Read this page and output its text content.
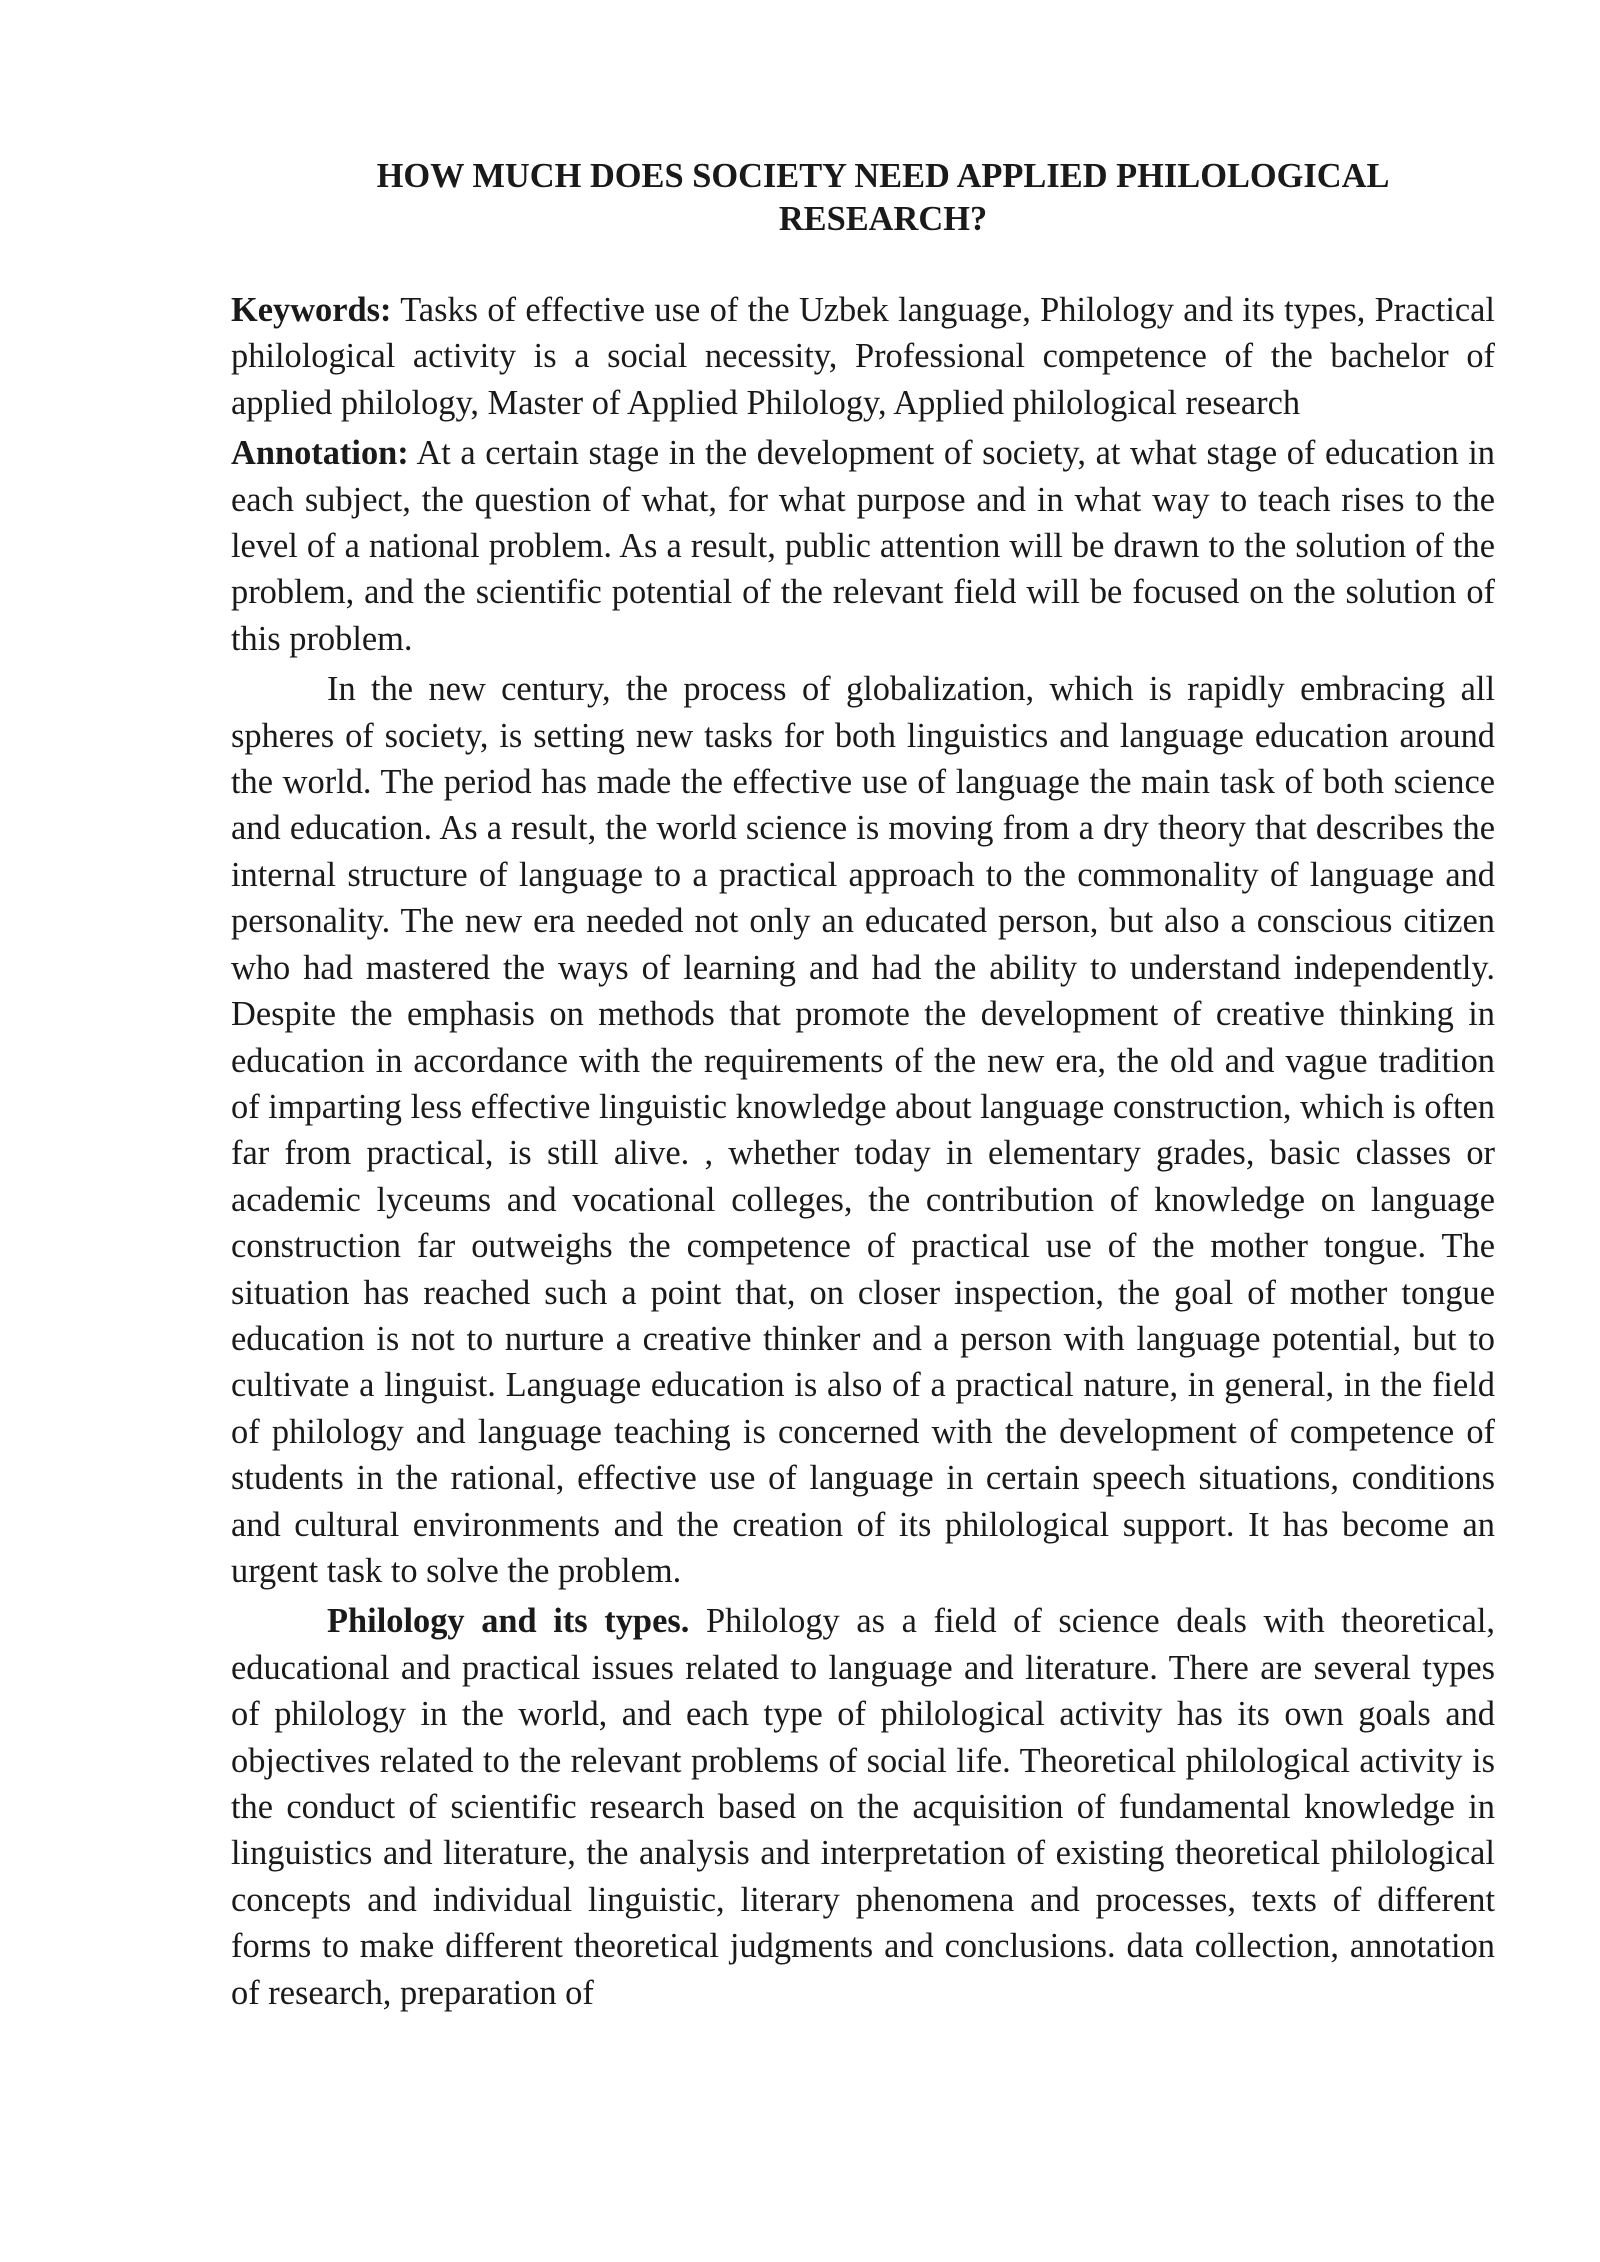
HOW MUCH DOES SOCIETY NEED APPLIED PHILOLOGICAL
RESEARCH?

Keywords: Tasks of effective use of the Uzbek language, Philology and its types, Practical philological activity is a social necessity, Professional competence of the bachelor of applied philology, Master of Applied Philology, Applied philological research

Annotation: At a certain stage in the development of society, at what stage of education in each subject, the question of what, for what purpose and in what way to teach rises to the level of a national problem. As a result, public attention will be drawn to the solution of the problem, and the scientific potential of the relevant field will be focused on the solution of this problem.

In the new century, the process of globalization, which is rapidly embracing all spheres of society, is setting new tasks for both linguistics and language education around the world. The period has made the effective use of language the main task of both science and education. As a result, the world science is moving from a dry theory that describes the internal structure of language to a practical approach to the commonality of language and personality. The new era needed not only an educated person, but also a conscious citizen who had mastered the ways of learning and had the ability to understand independently. Despite the emphasis on methods that promote the development of creative thinking in education in accordance with the requirements of the new era, the old and vague tradition of imparting less effective linguistic knowledge about language construction, which is often far from practical, is still alive. , whether today in elementary grades, basic classes or academic lyceums and vocational colleges, the contribution of knowledge on language construction far outweighs the competence of practical use of the mother tongue. The situation has reached such a point that, on closer inspection, the goal of mother tongue education is not to nurture a creative thinker and a person with language potential, but to cultivate a linguist. Language education is also of a practical nature, in general, in the field of philology and language teaching is concerned with the development of competence of students in the rational, effective use of language in certain speech situations, conditions and cultural environments and the creation of its philological support. It has become an urgent task to solve the problem.

Philology and its types. Philology as a field of science deals with theoretical, educational and practical issues related to language and literature. There are several types of philology in the world, and each type of philological activity has its own goals and objectives related to the relevant problems of social life. Theoretical philological activity is the conduct of scientific research based on the acquisition of fundamental knowledge in linguistics and literature, the analysis and interpretation of existing theoretical philological concepts and individual linguistic, literary phenomena and processes, texts of different forms to make different theoretical judgments and conclusions. data collection, annotation of research, preparation of
